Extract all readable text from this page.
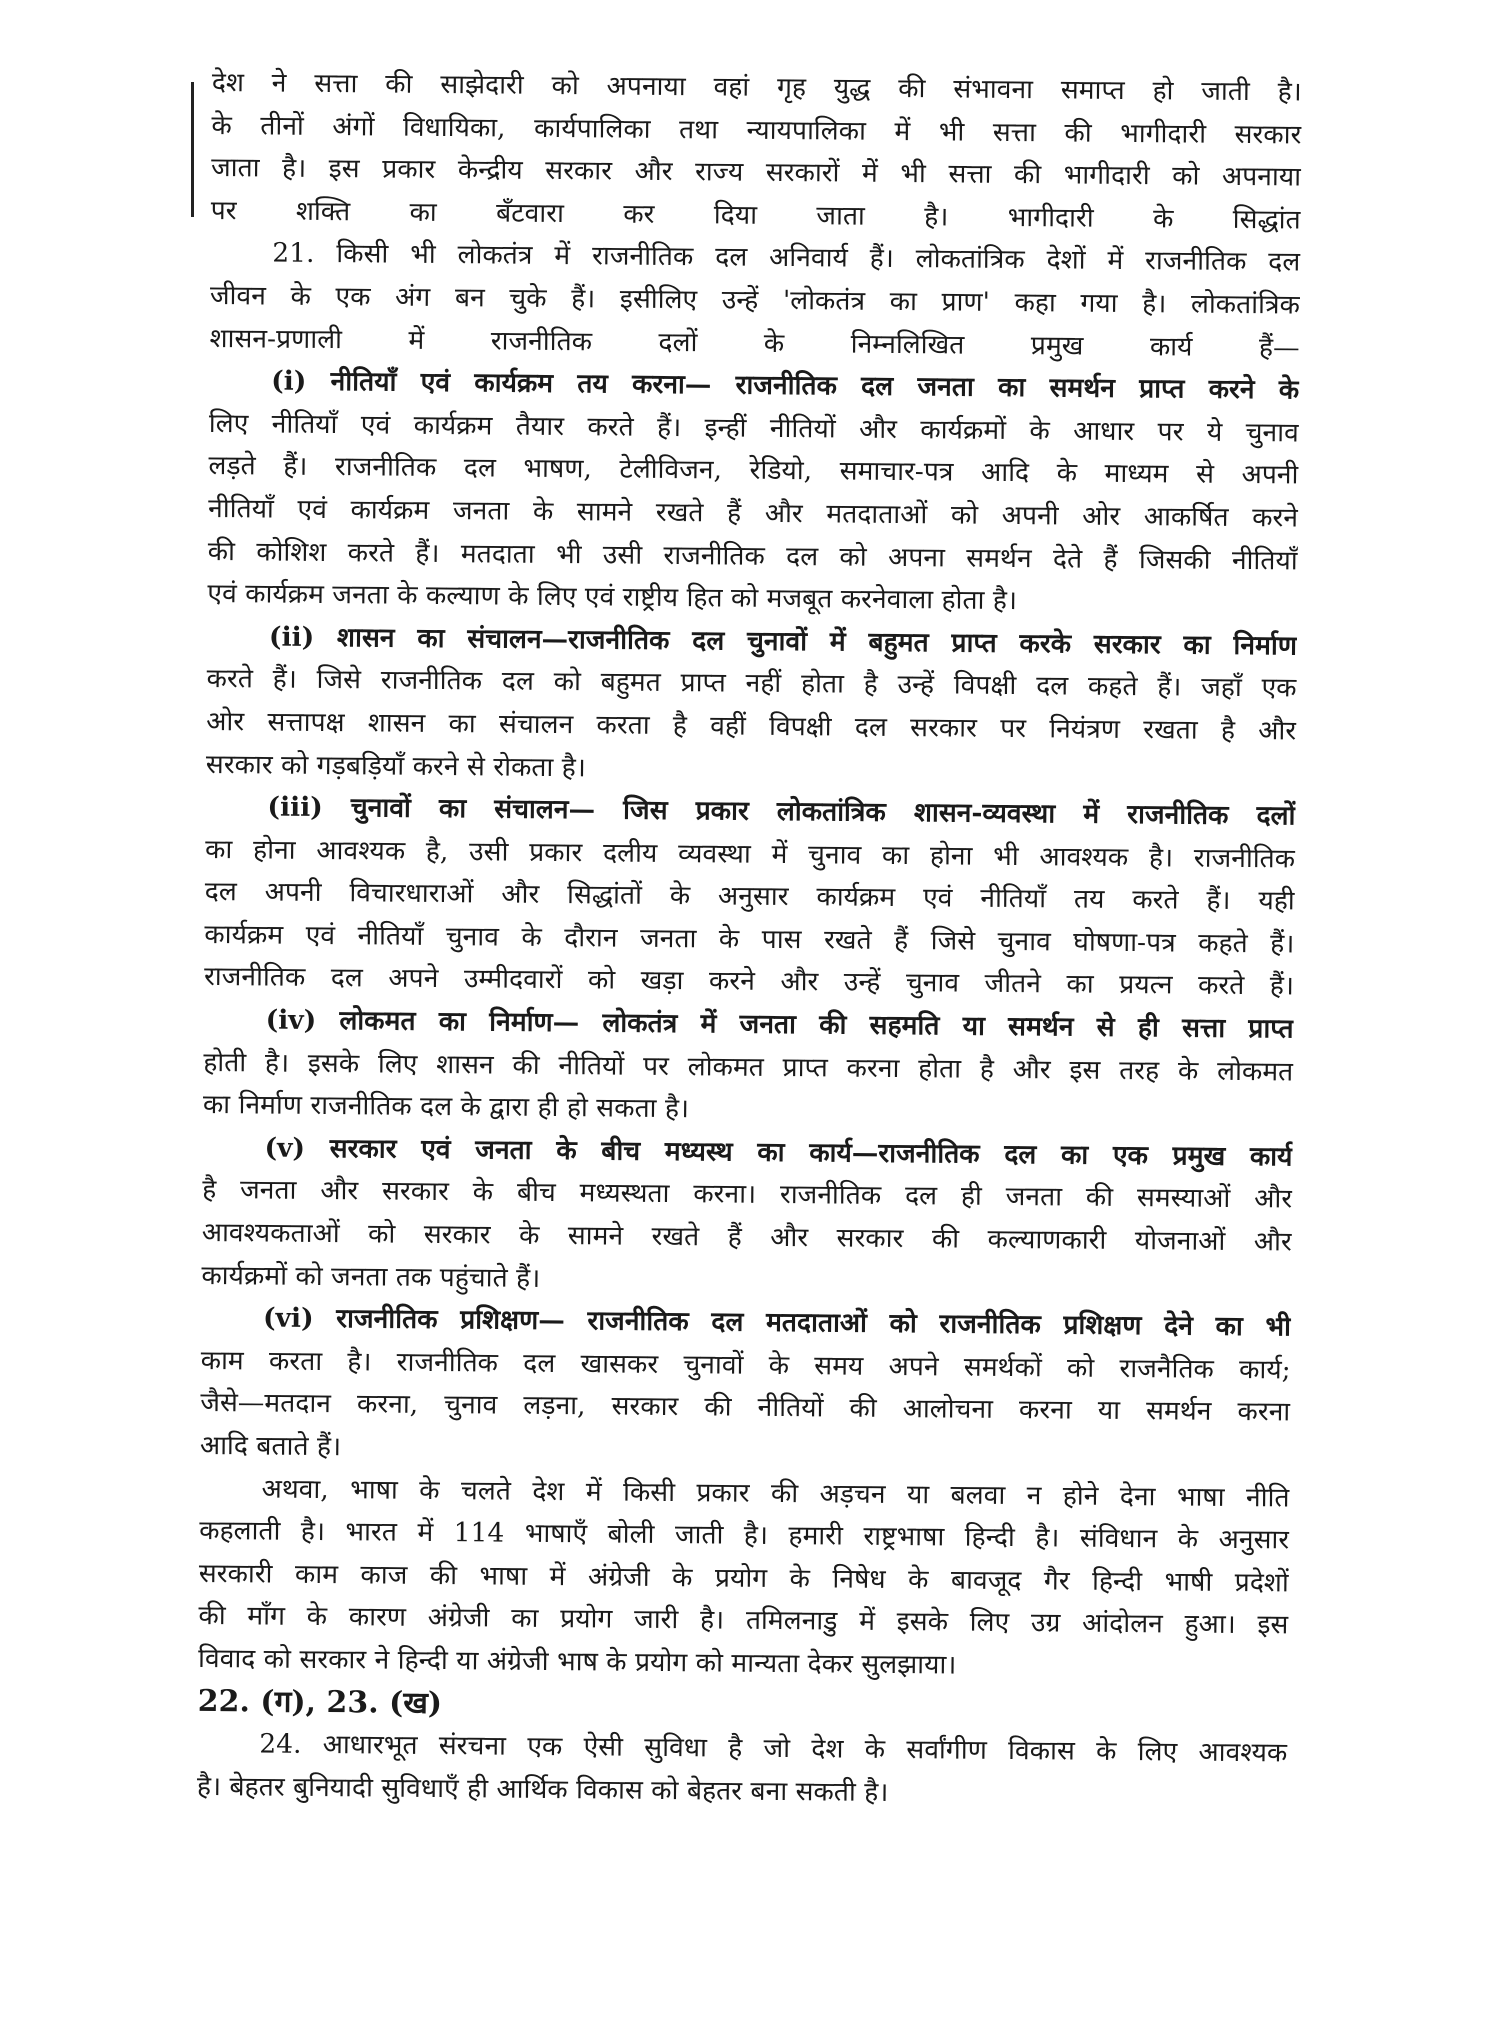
देश ने सत्ता की साझेदारी को अपनाया वहां गृह युद्ध की संभावना समाप्त हो जाती है।
के तीनों अंगों विधायिका, कार्यपालिका तथा न्यायपालिका में भी सत्ता की भागीदारी सरकार
जाता है। इस प्रकार केन्द्रीय सरकार और राज्य सरकारों में भी सत्ता की भागीदारी को अपनाया
पर शक्ति का बँटवारा कर दिया जाता है। भागीदारी के सिद्धांत
21. किसी भी लोकतंत्र में राजनीतिक दल अनिवार्य हैं। लोकतांत्रिक देशों में राजनीतिक दल
जीवन के एक अंग बन चुके हैं। इसीलिए उन्हें 'लोकतंत्र का प्राण' कहा गया है। लोकतांत्रिक
शासन-प्रणाली में राजनीतिक दलों के निम्नलिखित प्रमुख कार्य हैं—
(i) नीतियाँ एवं कार्यक्रम तय करना— राजनीतिक दल जनता का समर्थन प्राप्त करने के
लिए नीतियाँ एवं कार्यक्रम तैयार करते हैं। इन्हीं नीतियों और कार्यक्रमों के आधार पर ये चुनाव
लड़ते हैं। राजनीतिक दल भाषण, टेलीविजन, रेडियो, समाचार-पत्र आदि के माध्यम से अपनी
नीतियाँ एवं कार्यक्रम जनता के सामने रखते हैं और मतदाताओं को अपनी ओर आकर्षित करने
की कोशिश करते हैं। मतदाता भी उसी राजनीतिक दल को अपना समर्थन देते हैं जिसकी नीतियाँ
एवं कार्यक्रम जनता के कल्याण के लिए एवं राष्ट्रीय हित को मजबूत करनेवाला होता है।
(ii) शासन का संचालन—राजनीतिक दल चुनावों में बहुमत प्राप्त करके सरकार का निर्माण
करते हैं। जिसे राजनीतिक दल को बहुमत प्राप्त नहीं होता है उन्हें विपक्षी दल कहते हैं। जहाँ एक
ओर सत्तापक्ष शासन का संचालन करता है वहीं विपक्षी दल सरकार पर नियंत्रण रखता है और
सरकार को गड़बड़ियाँ करने से रोकता है।
(iii) चुनावों का संचालन— जिस प्रकार लोकतांत्रिक शासन-व्यवस्था में राजनीतिक दलों
का होना आवश्यक है, उसी प्रकार दलीय व्यवस्था में चुनाव का होना भी आवश्यक है। राजनीतिक
दल अपनी विचारधाराओं और सिद्धांतों के अनुसार कार्यक्रम एवं नीतियाँ तय करते हैं। यही
कार्यक्रम एवं नीतियाँ चुनाव के दौरान जनता के पास रखते हैं जिसे चुनाव घोषणा-पत्र कहते हैं।
राजनीतिक दल अपने उम्मीदवारों को खड़ा करने और उन्हें चुनाव जीतने का प्रयत्न करते हैं।
(iv) लोकमत का निर्माण— लोकतंत्र में जनता की सहमति या समर्थन से ही सत्ता प्राप्त
होती है। इसके लिए शासन की नीतियों पर लोकमत प्राप्त करना होता है और इस तरह के लोकमत
का निर्माण राजनीतिक दल के द्वारा ही हो सकता है।
(v) सरकार एवं जनता के बीच मध्यस्थ का कार्य—राजनीतिक दल का एक प्रमुख कार्य
है जनता और सरकार के बीच मध्यस्थता करना। राजनीतिक दल ही जनता की समस्याओं और
आवश्यकताओं को सरकार के सामने रखते हैं और सरकार की कल्याणकारी योजनाओं और
कार्यक्रमों को जनता तक पहुंचाते हैं।
(vi) राजनीतिक प्रशिक्षण— राजनीतिक दल मतदाताओं को राजनीतिक प्रशिक्षण देने का भी
काम करता है। राजनीतिक दल खासकर चुनावों के समय अपने समर्थकों को राजनैतिक कार्य;
जैसे—मतदान करना, चुनाव लड़ना, सरकार की नीतियों की आलोचना करना या समर्थन करना
आदि बताते हैं।
अथवा, भाषा के चलते देश में किसी प्रकार की अड़चन या बलवा न होने देना भाषा नीति
कहलाती है। भारत में 114 भाषाएँ बोली जाती है। हमारी राष्ट्रभाषा हिन्दी है। संविधान के अनुसार
सरकारी काम काज की भाषा में अंग्रेजी के प्रयोग के निषेध के बावजूद गैर हिन्दी भाषी प्रदेशों
की माँग के कारण अंग्रेजी का प्रयोग जारी है। तमिलनाडु में इसके लिए उग्र आंदोलन हुआ। इस
विवाद को सरकार ने हिन्दी या अंग्रेजी भाष के प्रयोग को मान्यता देकर सुलझाया।
22. (ग), 23. (ख)
24. आधारभूत संरचना एक ऐसी सुविधा है जो देश के सर्वांगीण विकास के लिए आवश्यक
है। बेहतर बुनियादी सुविधाएँ ही आर्थिक विकास को बेहतर बना सकती है।
